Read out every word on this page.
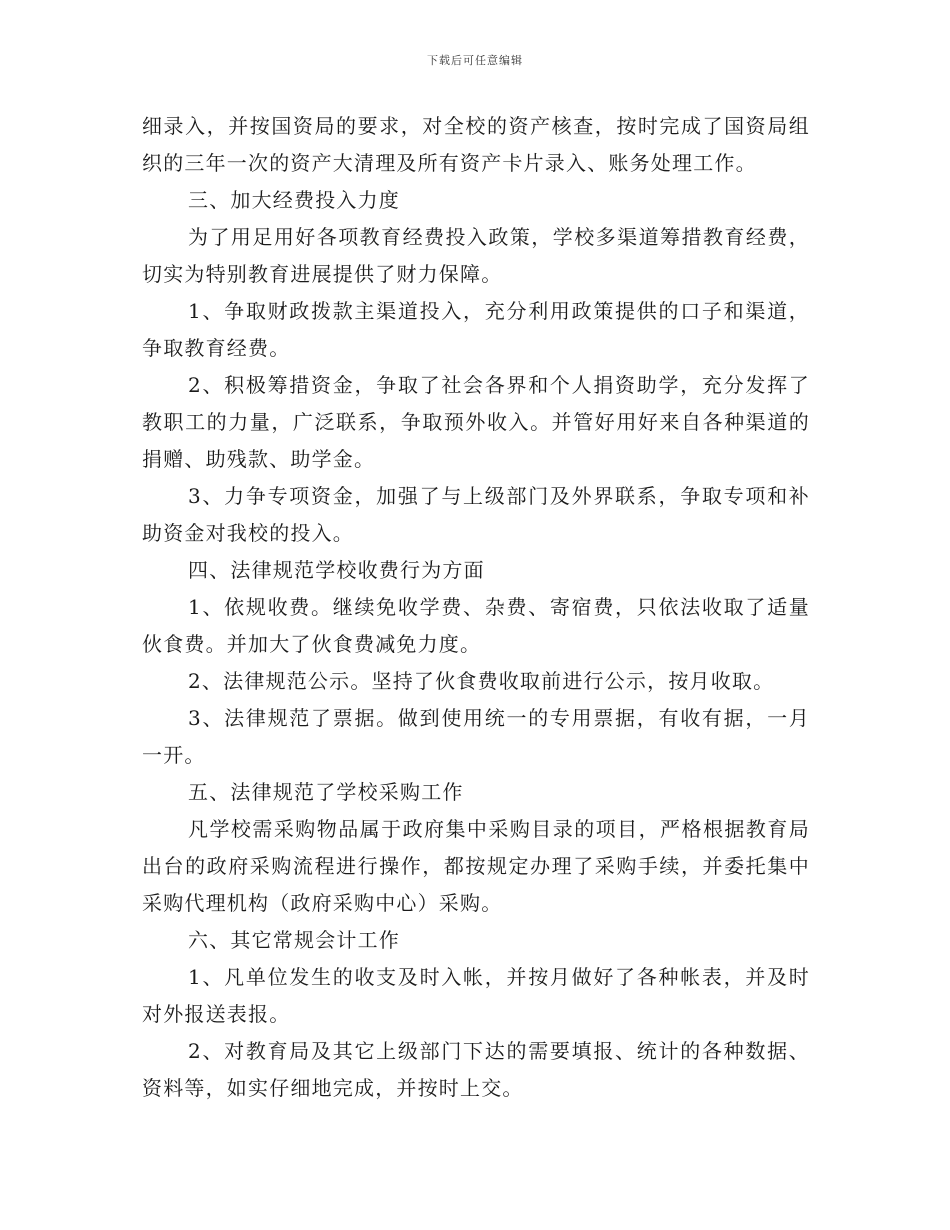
下载后可任意编辑

细录入，并按国资局的要求，对全校的资产核查，按时完成了国资局组织的三年一次的资产大清理及所有资产卡片录入、账务处理工作。

三、加大经费投入力度

为了用足用好各项教育经费投入政策，学校多渠道筹措教育经费，切实为特别教育进展提供了财力保障。

1、争取财政拨款主渠道投入，充分利用政策提供的口子和渠道，争取教育经费。

2、积极筹措资金，争取了社会各界和个人捐资助学，充分发挥了教职工的力量，广泛联系，争取预外收入。并管好用好来自各种渠道的捐赠、助残款、助学金。

3、力争专项资金，加强了与上级部门及外界联系，争取专项和补助资金对我校的投入。

四、法律规范学校收费行为方面

1、依规收费。继续免收学费、杂费、寄宿费，只依法收取了适量伙食费。并加大了伙食费减免力度。

2、法律规范公示。坚持了伙食费收取前进行公示，按月收取。

3、法律规范了票据。做到使用统一的专用票据，有收有据，一月一开。

五、法律规范了学校采购工作

凡学校需采购物品属于政府集中采购目录的项目，严格根据教育局出台的政府采购流程进行操作，都按规定办理了采购手续，并委托集中采购代理机构（政府采购中心）采购。

六、其它常规会计工作

1、凡单位发生的收支及时入帐，并按月做好了各种帐表，并及时对外报送表报。

2、对教育局及其它上级部门下达的需要填报、统计的各种数据、资料等，如实仔细地完成，并按时上交。
